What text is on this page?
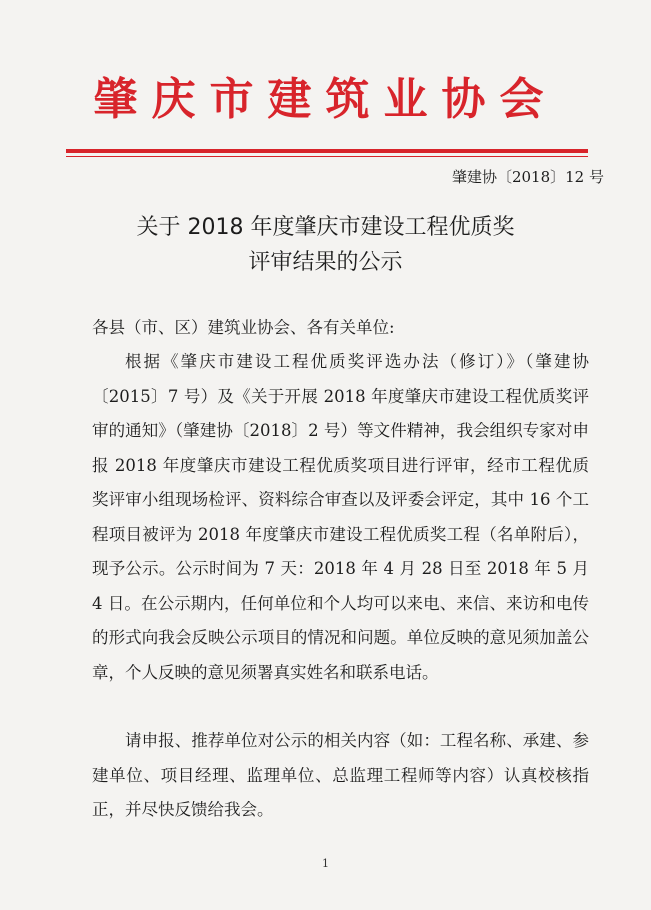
肇庆市建筑业协会
肇建协〔2018〕12 号
关于 2018 年度肇庆市建设工程优质奖
评审结果的公示
各县（市、区）建筑业协会、各有关单位:

根据《肇庆市建设工程优质奖评选办法（修订）》（肇建协〔2015〕7 号）及《关于开展 2018 年度肇庆市建设工程优质奖评审的通知》（肇建协〔2018〕2 号）等文件精神，我会组织专家对申报 2018 年度肇庆市建设工程优质奖项目进行评审，经市工程优质奖评审小组现场检评、资料综合审查以及评委会评定，其中 16 个工程项目被评为 2018 年度肇庆市建设工程优质奖工程（名单附后），现予公示。公示时间为 7 天：2018 年 4 月 28 日至 2018 年 5 月 4 日。在公示期内，任何单位和个人均可以来电、来信、来访和电传的形式向我会反映公示项目的情况和问题。单位反映的意见须加盖公章，个人反映的意见须署真实姓名和联系电话。

请申报、推荐单位对公示的相关内容（如：工程名称、承建、参建单位、项目经理、监理单位、总监理工程师等内容）认真校核指正，并尽快反馈给我会。

1
